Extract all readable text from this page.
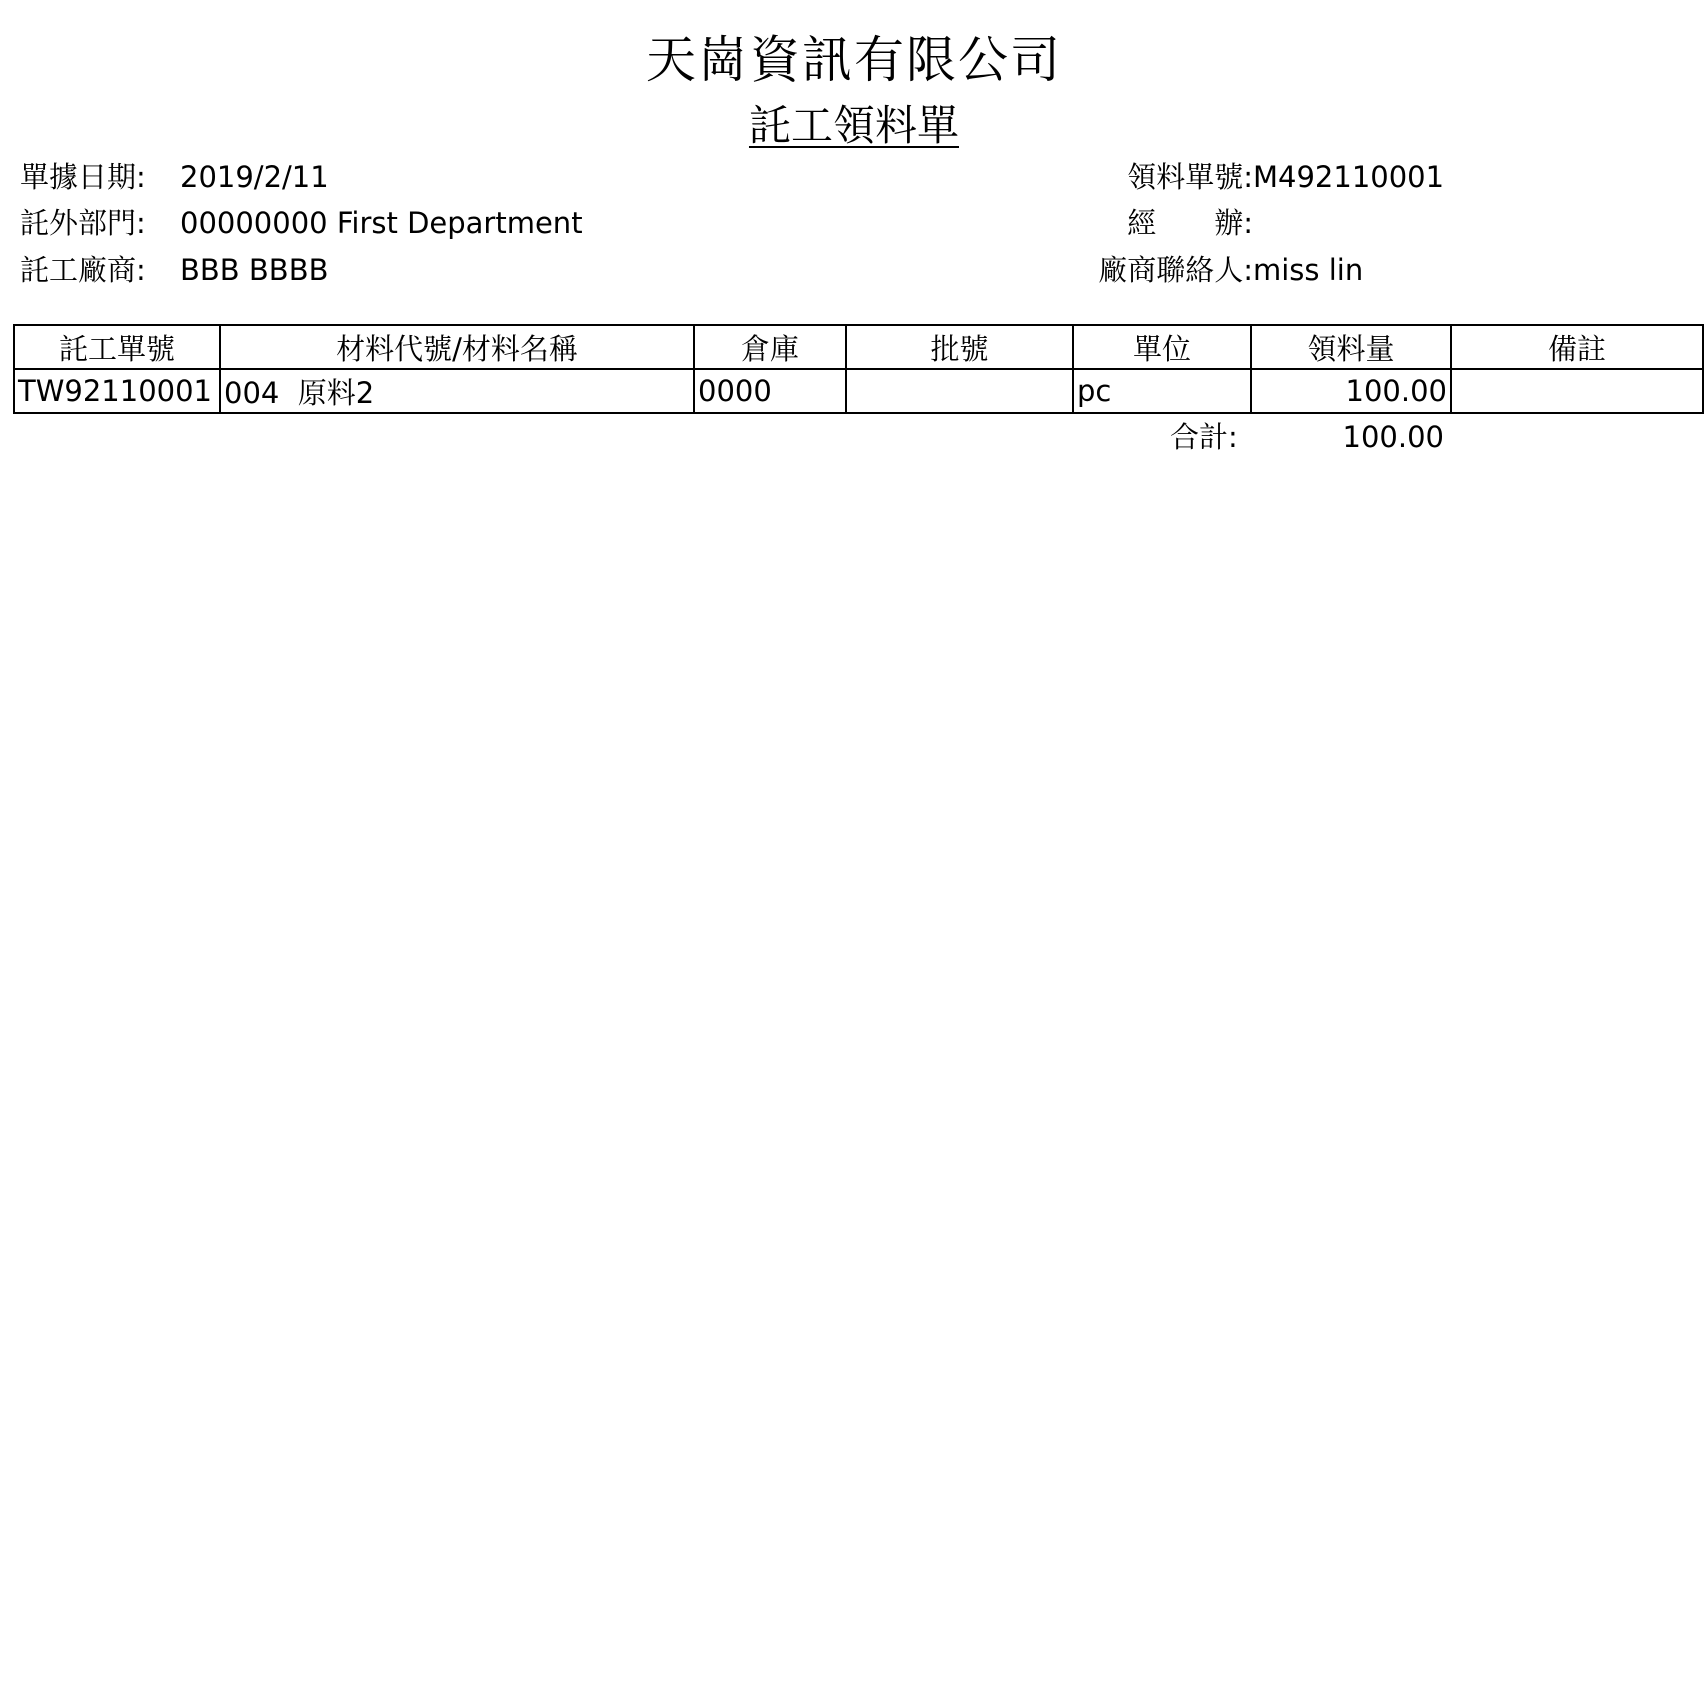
天崗資訊有限公司
託工領料單
單據日期: 2019/2/11
託外部門: 00000000 First Department
託工廠商: BBB BBBB
領料單號:M492110001
經　　辦:
廠商聯絡人:miss lin
託工單號	材料代號/材料名稱	倉庫	批號	單位	領料量	備註
TW92110001	004  原料2	0000		pc	100.00	
合計:	100.00
